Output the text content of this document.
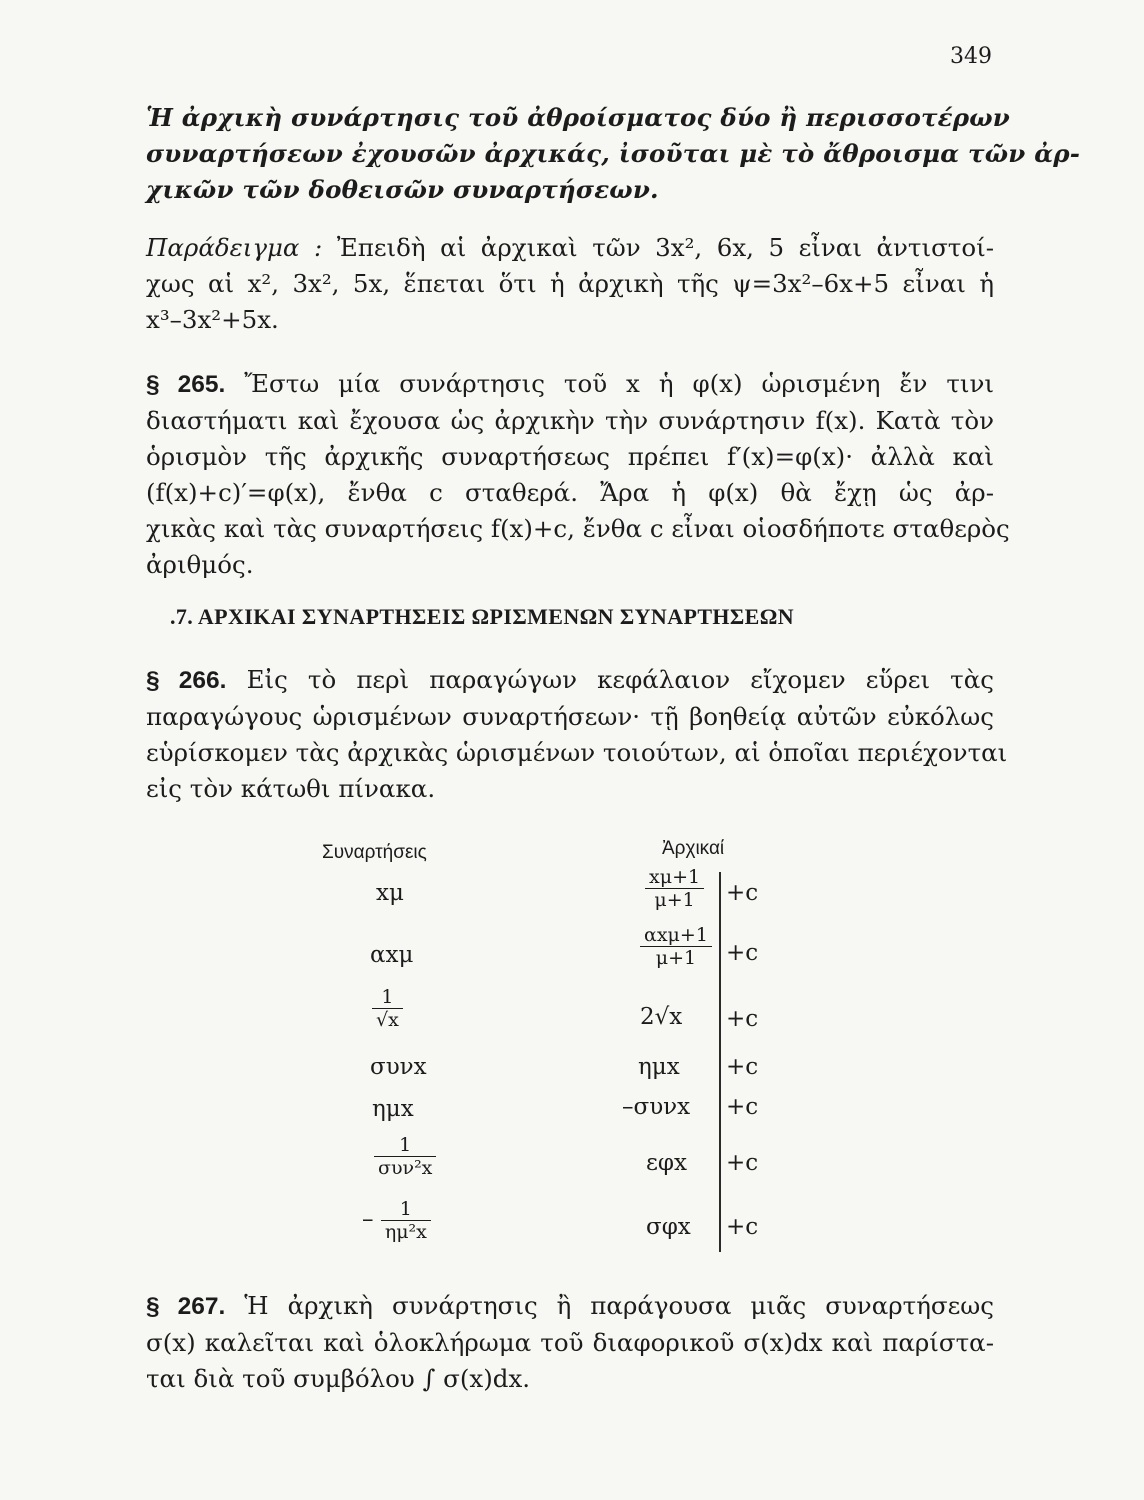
349
Ἡ ἀρχικὴ συνάρτησις τοῦ ἀθροίσματος δύο ἢ περισσοτέρων
συναρτήσεων ἐχουσῶν ἀρχικάς, ἰσοῦται μὲ τὸ ἄθροισμα τῶν ἀρ-
χικῶν τῶν δοθεισῶν συναρτήσεων.
Παράδειγμα : Ἐπειδὴ αἱ ἀρχικαὶ τῶν 3x², 6x, 5 εἶναι ἀντιστοί-
χως αἱ x², 3x², 5x, ἕπεται ὅτι ἡ ἀρχικὴ τῆς ψ=3x²–6x+5 εἶναι ἡ
x³–3x²+5x.
§ 265. Ἔστω μία συνάρτησις τοῦ x ἡ φ(x) ὡρισμένη ἔν τινι
διαστήματι καὶ ἔχουσα ὡς ἀρχικὴν τὴν συνάρτησιν f(x). Κατὰ τὸν
ὁρισμὸν τῆς ἀρχικῆς συναρτήσεως πρέπει f′(x)=φ(x)· ἀλλὰ καὶ
(f(x)+c)′=φ(x), ἔνθα c σταθερά. Ἄρα ἡ φ(x) θὰ ἔχῃ ὡς ἀρ-
χικὰς καὶ τὰς συναρτήσεις f(x)+c, ἔνθα c εἶναι οἱοσδήποτε σταθερὸς
ἀριθμός.
.7. ΑΡΧΙΚΑΙ ΣΥΝΑΡΤΗΣΕΙΣ ΩΡΙΣΜΕΝΩΝ ΣΥΝΑΡΤΗΣΕΩΝ
§ 266. Εἰς τὸ περὶ παραγώγων κεφάλαιον εἴχομεν εὕρει τὰς
παραγώγους ὡρισμένων συναρτήσεων· τῇ βοηθείᾳ αὐτῶν εὐκόλως
εὑρίσκομεν τὰς ἀρχικὰς ὡρισμένων τοιούτων, αἱ ὁποῖαι περιέχονται
εἰς τὸν κάτωθι πίνακα.
Συναρτήσεις	Ἀρχικαί
xμ	$\frac{x\mu+1}{\mu+1} +c$
αxμ	$\frac{\text{αxμ+1}}{\mu+1} +c$
$\frac{1}{√x}$	2√x +c
συνx	ημx +c
ημx	–συνx +c
$\frac{1}{\text{συν²x}}$	εφx +c
– $\frac{1}{\text{ημ²x}}$	σφx +c
§ 267. Ἡ ἀρχικὴ συνάρτησις ἢ παράγουσα μιᾶς συναρτήσεως
σ(x) καλεῖται καὶ ὁλοκλήρωμα τοῦ διαφορικοῦ σ(x)dx καὶ παρίστα-
ται διὰ τοῦ συμβόλου ∫ σ(x)dx.
